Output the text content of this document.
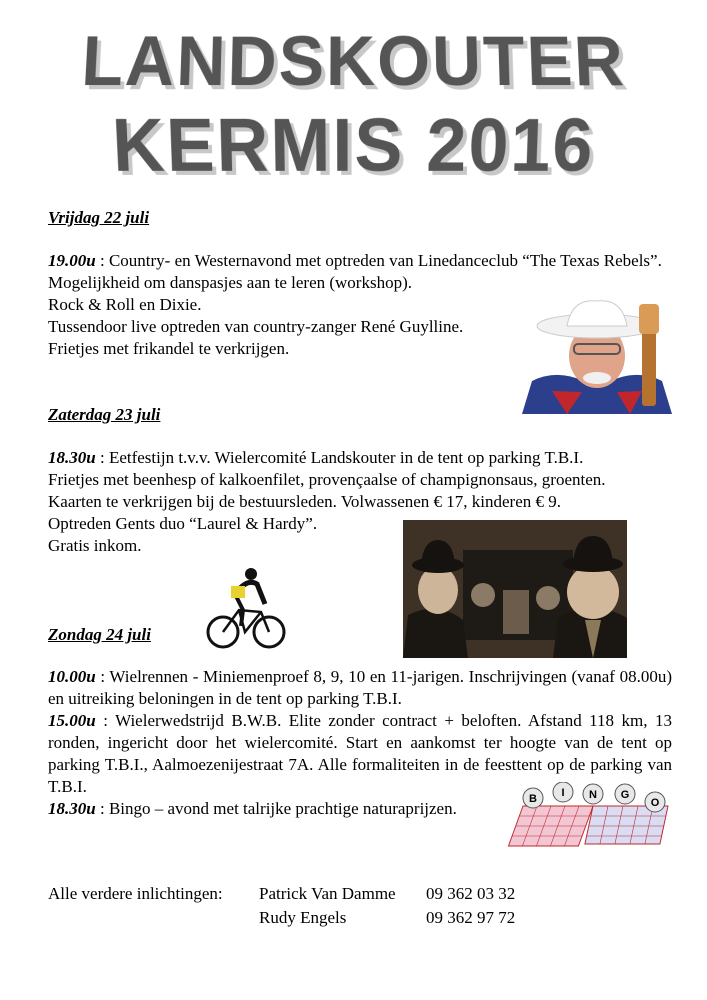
LANDSKOUTER
KERMIS 2016
Vrijdag 22 juli

19.00u : Country- en Westernavond met optreden van Linedanceclub “The Texas Rebels”. Mogelijkheid om danspasjes aan te leren (workshop).

Rock & Roll en Dixie.

Tussendoor live optreden van country-zanger René Guylline.

Frietjes met frikandel te verkrijgen.

Zaterdag 23 juli

18.30u : Eetfestijn t.v.v. Wielercomité Landskouter in de tent op parking T.B.I.

Frietjes met beenhesp of kalkoenfilet, provençaalse of champignonsaus, groenten.

Kaarten te verkrijgen bij de bestuursleden. Volwassenen € 17, kinderen € 9.

Optreden Gents duo “Laurel & Hardy”.

Gratis inkom.

Zondag 24 juli

10.00u : Wielrennen - Miniemenproef 8, 9, 10 en 11-jarigen. Inschrijvingen (vanaf 08.00u) en uitreiking beloningen in de tent op parking T.B.I.

15.00u : Wielerwedstrijd B.W.B. Elite zonder contract + beloften. Afstand 118 km, 13 ronden, ingericht door het wielercomité. Start en aankomst ter hoogte van de tent op parking T.B.I., Aalmoezenijestraat 7A. Alle formaliteiten in de feesttent op de parking van T.B.I.

18.30u : Bingo – avond met talrijke prachtige naturaprijzen.	B I N G
O
Alle verdere inlichtingen: Patrick Van Damme 09 362 03 32
Rudy Engels	09 362 97 72
